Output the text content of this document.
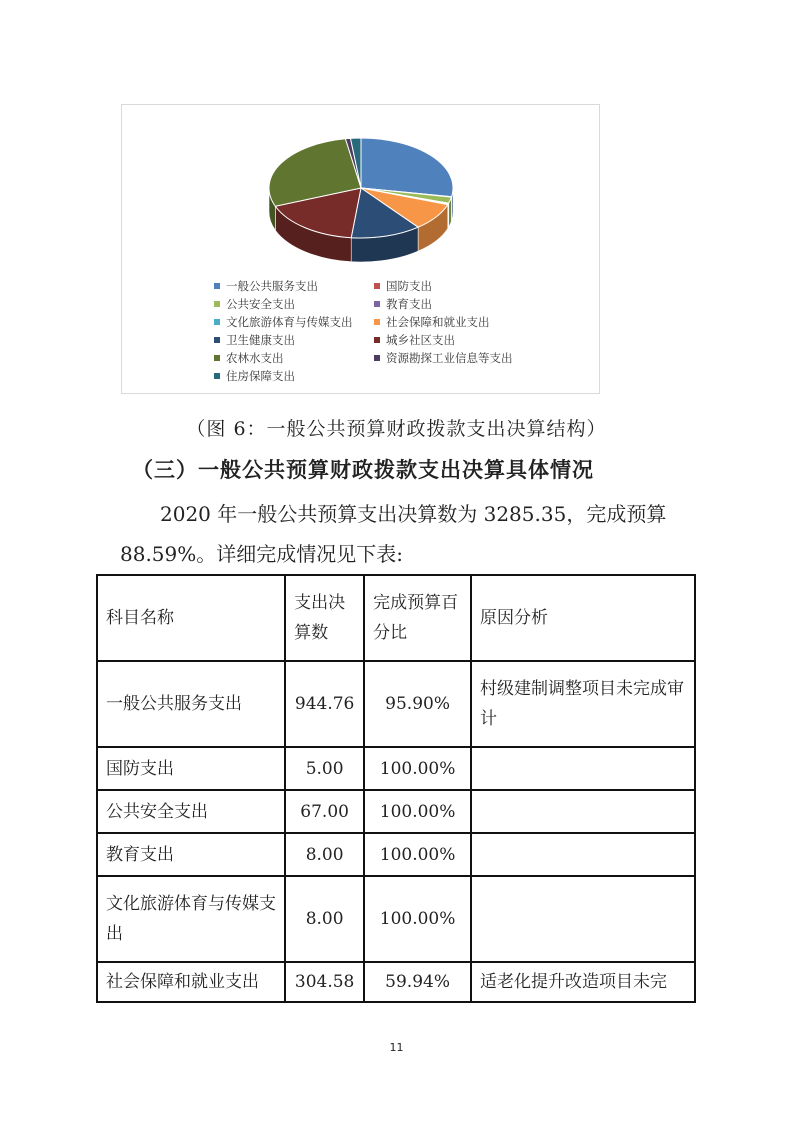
一般公共服务支出	国防支出
公共安全支出	教育支出
文化旅游体育与传媒支出	社会保障和就业支出
卫生健康支出	城乡社区支出
农林水支出	资源勘探工业信息等支出
住房保障支出
（图 6：一般公共预算财政拨款支出决算结构）
（三）一般公共预算财政拨款支出决算具体情况
2020 年一般公共预算支出决算数为 3285.35，完成预算
88.59%。详细完成情况见下表:
科目名称	支出决算数	完成预算百分比	原因分析
一般公共服务支出	944.76	95.90%	村级建制调整项目未完成审计
国防支出	5.00	100.00%	
公共安全支出	67.00	100.00%	
教育支出	8.00	100.00%	
文化旅游体育与传媒支出	8.00	100.00%	
社会保障和就业支出	304.58	59.94%	适老化提升改造项目未完
11
